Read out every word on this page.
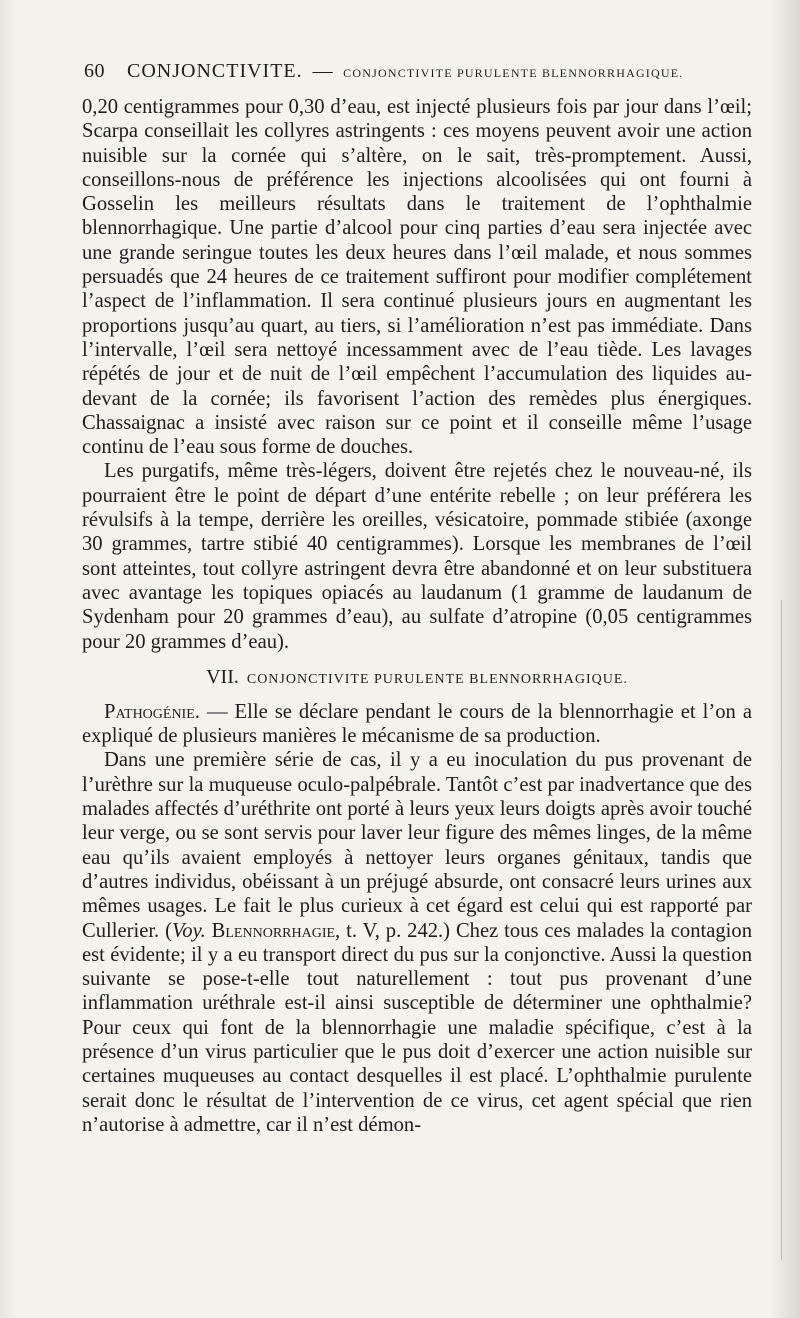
60 CONJONCTIVITE. — CONJONCTIVITE PURULENTE BLENNORRHAGIQUE.

0,20 centigrammes pour 0,30 d’eau, est injecté plusieurs fois par jour dans l’œil; Scarpa conseillait les collyres astringents : ces moyens peuvent avoir une action nuisible sur la cornée qui s’altère, on le sait, très-promptement. Aussi, conseillons-nous de préférence les injections alcoolisées qui ont fourni à Gosselin les meilleurs résultats dans le traitement de l’ophthalmie blennorrhagique. Une partie d’alcool pour cinq parties d’eau sera injectée avec une grande seringue toutes les deux heures dans l’œil malade, et nous sommes persuadés que 24 heures de ce traitement suffiront pour modifier complétement l’aspect de l’inflammation. Il sera continué plusieurs jours en augmentant les proportions jusqu’au quart, au tiers, si l’amélioration n’est pas immédiate. Dans l’intervalle, l’œil sera nettoyé incessamment avec de l’eau tiède. Les lavages répétés de jour et de nuit de l’œil empêchent l’accumulation des liquides au-devant de la cornée; ils favorisent l’action des remèdes plus énergiques. Chassaignac a insisté avec raison sur ce point et il conseille même l’usage continu de l’eau sous forme de douches.

Les purgatifs, même très-légers, doivent être rejetés chez le nouveau-né, ils pourraient être le point de départ d’une entérite rebelle ; on leur préférera les révulsifs à la tempe, derrière les oreilles, vésicatoire, pommade stibiée (axonge 30 grammes, tartre stibié 40 centigrammes). Lorsque les membranes de l’œil sont atteintes, tout collyre astringent devra être abandonné et on leur substituera avec avantage les topiques opiacés au laudanum (1 gramme de laudanum de Sydenham pour 20 grammes d’eau), au sulfate d’atropine (0,05 centigrammes pour 20 grammes d’eau).

VII. CONJONCTIVITE PURULENTE BLENNORRHAGIQUE.

Pathogénie. — Elle se déclare pendant le cours de la blennorrhagie et l’on a expliqué de plusieurs manières le mécanisme de sa production.

Dans une première série de cas, il y a eu inoculation du pus provenant de l’urèthre sur la muqueuse oculo-palpébrale. Tantôt c’est par inadvertance que des malades affectés d’uréthrite ont porté à leurs yeux leurs doigts après avoir touché leur verge, ou se sont servis pour laver leur figure des mêmes linges, de la même eau qu’ils avaient employés à nettoyer leurs organes génitaux, tandis que d’autres individus, obéissant à un préjugé absurde, ont consacré leurs urines aux mêmes usages. Le fait le plus curieux à cet égard est celui qui est rapporté par Cullerier. (Voy. Blennorrhagie, t. V, p. 242.) Chez tous ces malades la contagion est évidente; il y a eu transport direct du pus sur la conjonctive. Aussi la question suivante se pose-t-elle tout naturellement : tout pus provenant d’une inflammation uréthrale est-il ainsi susceptible de déterminer une ophthalmie? Pour ceux qui font de la blennorrhagie une maladie spécifique, c’est à la présence d’un virus particulier que le pus doit d’exercer une action nuisible sur certaines muqueuses au contact desquelles il est placé. L’ophthalmie purulente serait donc le résultat de l’intervention de ce virus, cet agent spécial que rien n’autorise à admettre, car il n’est démon-
